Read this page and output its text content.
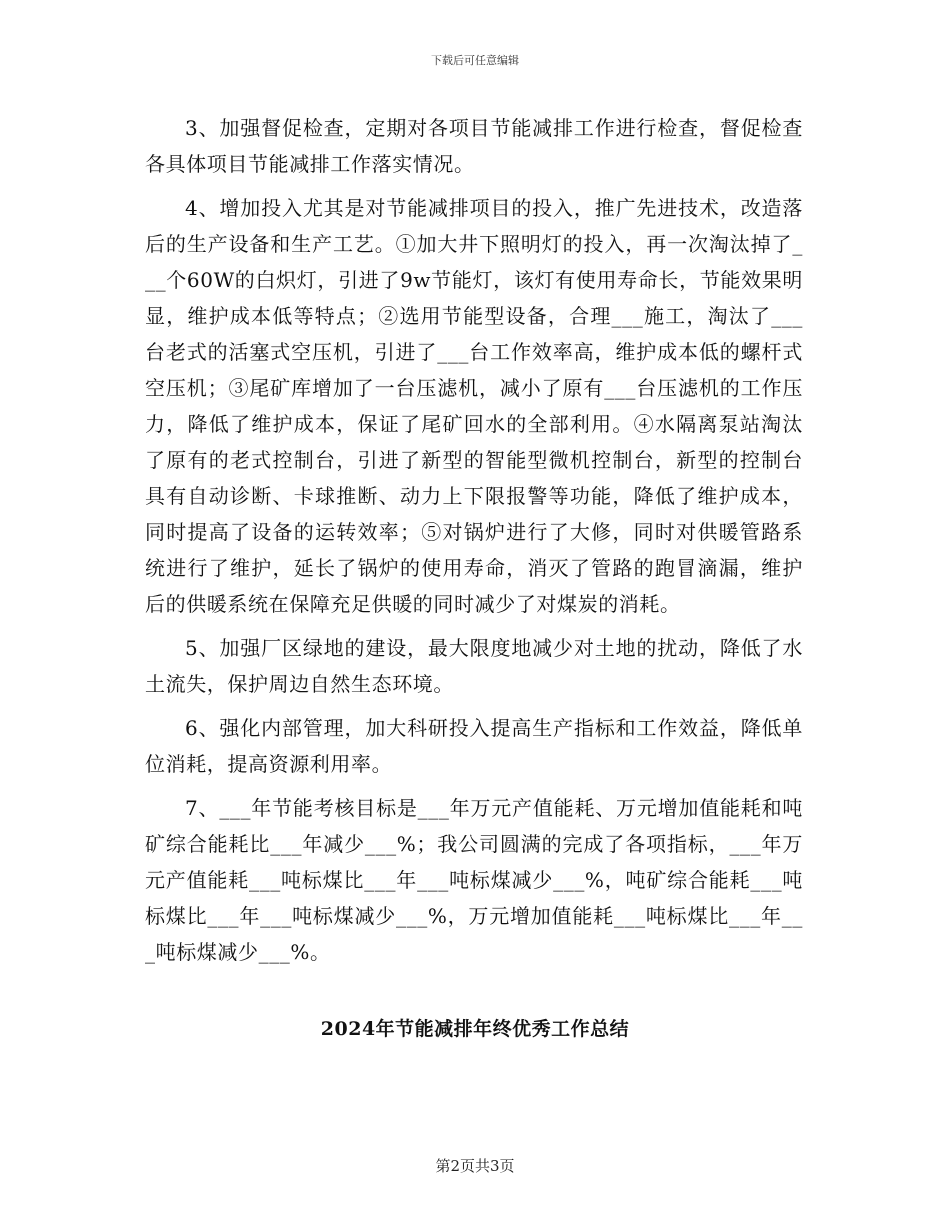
下载后可任意编辑

3、加强督促检查，定期对各项目节能减排工作进行检查，督促检查各具体项目节能减排工作落实情况。

4、增加投入尤其是对节能减排项目的投入，推广先进技术，改造落后的生产设备和生产工艺。①加大井下照明灯的投入，再一次淘汰掉了___个60W的白炽灯，引进了9w节能灯，该灯有使用寿命长，节能效果明显，维护成本低等特点；②选用节能型设备，合理___施工，淘汰了___台老式的活塞式空压机，引进了___台工作效率高，维护成本低的螺杆式空压机；③尾矿库增加了一台压滤机，减小了原有___台压滤机的工作压力，降低了维护成本，保证了尾矿回水的全部利用。④水隔离泵站淘汰了原有的老式控制台，引进了新型的智能型微机控制台，新型的控制台具有自动诊断、卡球推断、动力上下限报警等功能，降低了维护成本，同时提高了设备的运转效率；⑤对锅炉进行了大修，同时对供暖管路系统进行了维护，延长了锅炉的使用寿命，消灭了管路的跑冒滴漏，维护后的供暖系统在保障充足供暖的同时减少了对煤炭的消耗。

5、加强厂区绿地的建设，最大限度地减少对土地的扰动，降低了水土流失，保护周边自然生态环境。

6、强化内部管理，加大科研投入提高生产指标和工作效益，降低单位消耗，提高资源利用率。

7、___年节能考核目标是___年万元产值能耗、万元增加值能耗和吨矿综合能耗比___年减少___%；我公司圆满的完成了各项指标，___年万元产值能耗___吨标煤比___年___吨标煤减少___%，吨矿综合能耗___吨标煤比___年___吨标煤减少___%，万元增加值能耗___吨标煤比___年___吨标煤减少___%。

2024年节能减排年终优秀工作总结
第2页共3页
